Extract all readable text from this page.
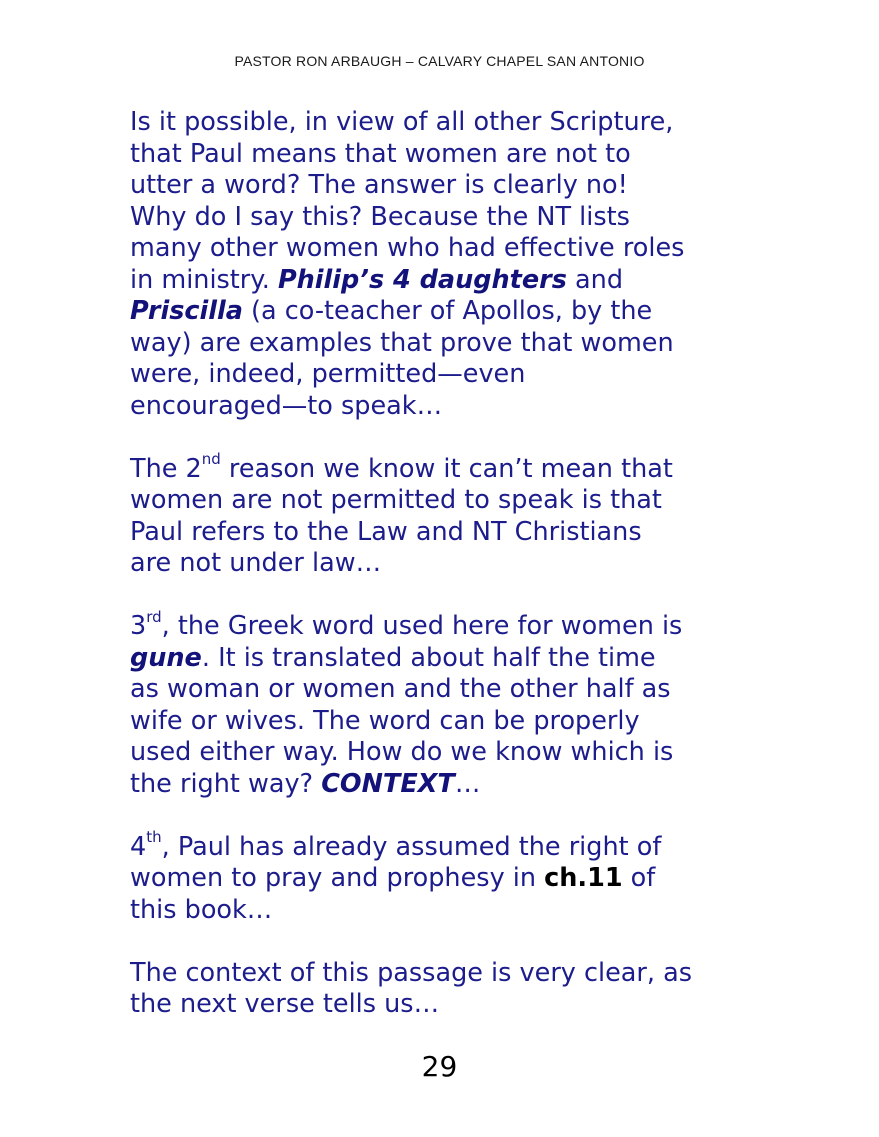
PASTOR RON ARBAUGH – CALVARY CHAPEL SAN ANTONIO
Is it possible, in view of all other Scripture,
that Paul means that women are not to
utter a word? The answer is clearly no!
Why do I say this? Because the NT lists
many other women who had effective roles
in ministry. Philip’s 4 daughters and
Priscilla (a co-teacher of Apollos, by the
way) are examples that prove that women
were, indeed, permitted—even
encouraged—to speak…
The 2nd reason we know it can’t mean that
women are not permitted to speak is that
Paul refers to the Law and NT Christians
are not under law…
3rd, the Greek word used here for women is
gune. It is translated about half the time
as woman or women and the other half as
wife or wives. The word can be properly
used either way. How do we know which is
the right way? CONTEXT…
4th, Paul has already assumed the right of
women to pray and prophesy in ch.11 of
this book…
The context of this passage is very clear, as
the next verse tells us…
29
